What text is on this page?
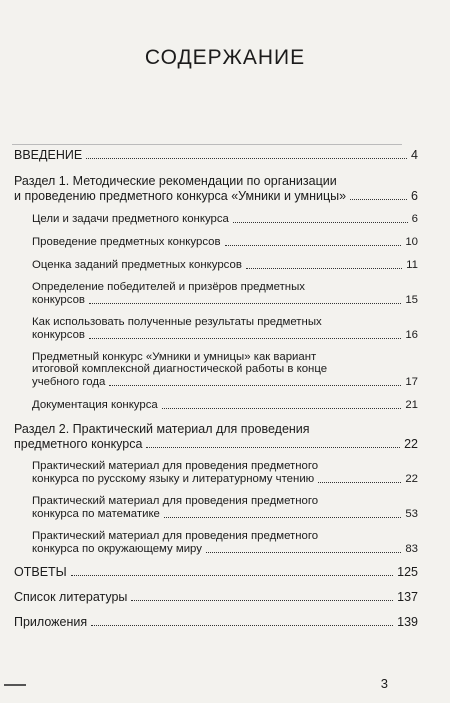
СОДЕРЖАНИЕ
ВВЕДЕНИЕ	4
Раздел 1. Методические рекомендации по организации
и проведению предметного конкурса «Умники и умницы»	6
Цели и задачи предметного конкурса	6
Проведение предметных конкурсов	10
Оценка заданий предметных конкурсов	11
Определение победителей и призёров предметных
конкурсов	15
Как использовать полученные результаты предметных
конкурсов	16
Предметный конкурс «Умники и умницы» как вариант
итоговой комплексной диагностической работы в конце
учебного года	17
Документация конкурса	21
Раздел 2. Практический материал для проведения
предметного конкурса	22
Практический материал для проведения предметного
конкурса по русскому языку и литературному чтению	22
Практический материал для проведения предметного
конкурса по математике	53
Практический материал для проведения предметного
конкурса по окружающему миру	83
ОТВЕТЫ	125
Список литературы	137
Приложения	139
3
